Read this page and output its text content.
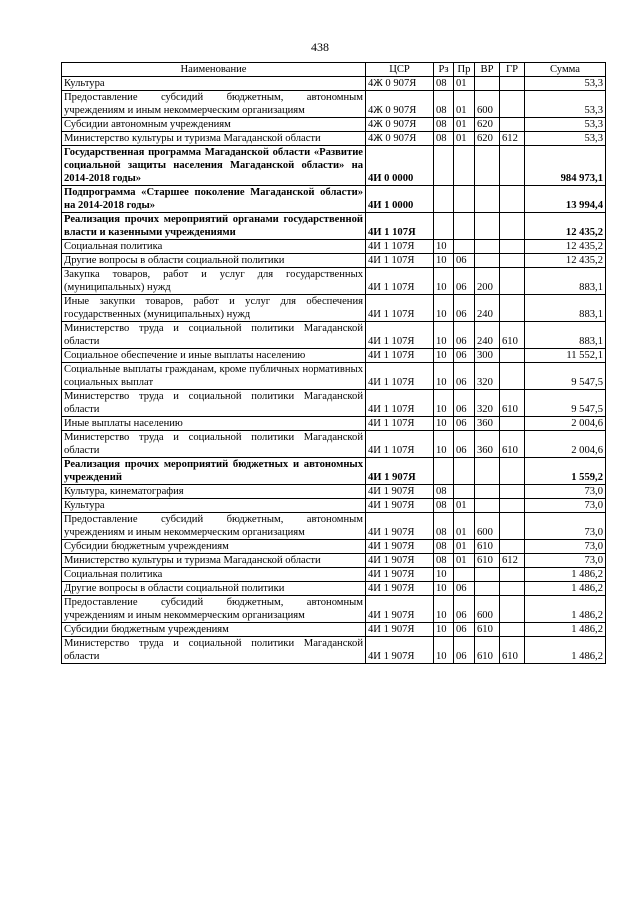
438
Наименование	ЦСР	Рз	Пр	ВР	ГР	Сумма
Культура	4Ж 0 907Я	08	01			53,3
Предоставление субсидий бюджетным, автономным учреждениям и иным некоммерческим организациям	4Ж 0 907Я	08	01	600		53,3
Субсидии автономным учреждениям	4Ж 0 907Я	08	01	620		53,3
Министерство культуры и туризма Магаданской области	4Ж 0 907Я	08	01	620	612	53,3
Государственная программа Магаданской области «Развитие социальной защиты населения Магаданской области» на 2014-2018 годы»	4И 0 0000					984 973,1
Подпрограмма «Старшее поколение Магаданской области» на 2014-2018 годы»	4И 1 0000					13 994,4
Реализация прочих мероприятий органами государственной власти и казенными учреждениями	4И 1 107Я					12 435,2
Социальная политика	4И 1 107Я	10				12 435,2
Другие вопросы в области социальной политики	4И 1 107Я	10	06			12 435,2
Закупка товаров, работ и услуг для государственных (муниципальных) нужд	4И 1 107Я	10	06	200		883,1
Иные закупки товаров, работ и услуг для обеспечения государственных (муниципальных) нужд	4И 1 107Я	10	06	240		883,1
Министерство труда и социальной политики Магаданской области	4И 1 107Я	10	06	240	610	883,1
Социальное обеспечение и иные выплаты населению	4И 1 107Я	10	06	300		11 552,1
Социальные выплаты гражданам, кроме публичных нормативных социальных выплат	4И 1 107Я	10	06	320		9 547,5
Министерство труда и социальной политики Магаданской области	4И 1 107Я	10	06	320	610	9 547,5
Иные выплаты населению	4И 1 107Я	10	06	360		2 004,6
Министерство труда и социальной политики Магаданской области	4И 1 107Я	10	06	360	610	2 004,6
Реализация прочих мероприятий бюджетных и автономных учреждений	4И 1 907Я					1 559,2
Культура, кинематография	4И 1 907Я	08				73,0
Культура	4И 1 907Я	08	01			73,0
Предоставление субсидий бюджетным, автономным учреждениям и иным некоммерческим организациям	4И 1 907Я	08	01	600		73,0
Субсидии бюджетным учреждениям	4И 1 907Я	08	01	610		73,0
Министерство культуры и туризма Магаданской области	4И 1 907Я	08	01	610	612	73,0
Социальная политика	4И 1 907Я	10				1 486,2
Другие вопросы в области социальной политики	4И 1 907Я	10	06			1 486,2
Предоставление субсидий бюджетным, автономным учреждениям и иным некоммерческим организациям	4И 1 907Я	10	06	600		1 486,2
Субсидии бюджетным учреждениям	4И 1 907Я	10	06	610		1 486,2
Министерство труда и социальной политики Магаданской области	4И 1 907Я	10	06	610	610	1 486,2
